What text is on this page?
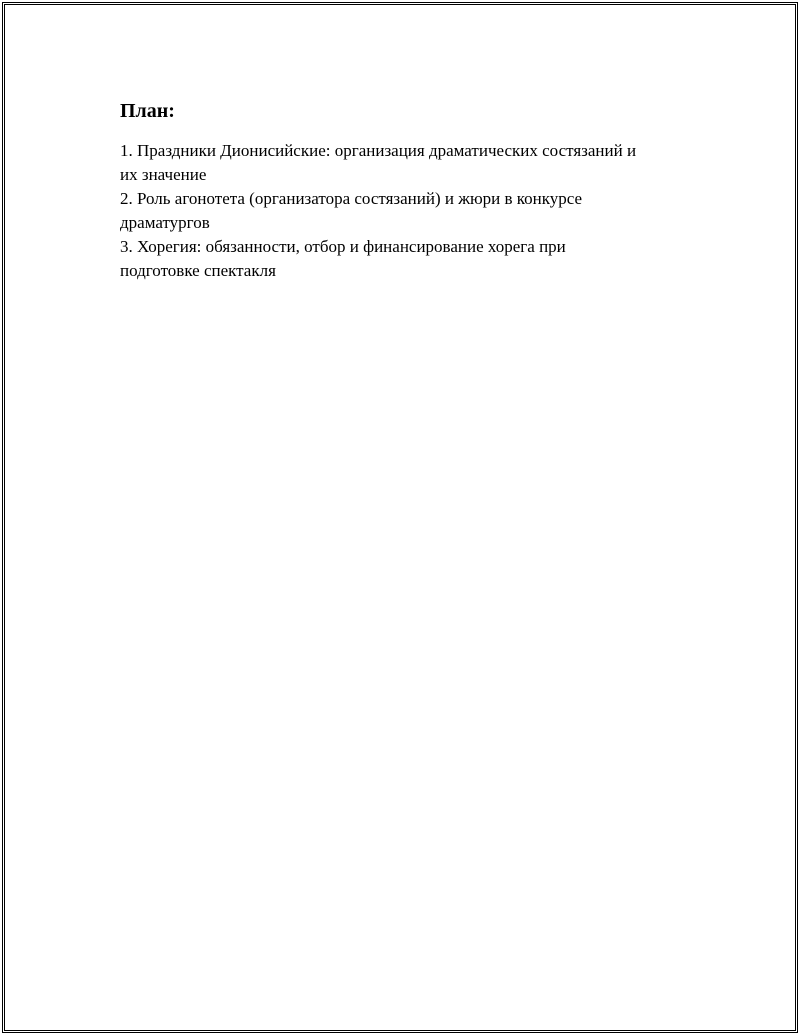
План:
1. Праздники Дионисийские: организация драматических состязаний и
их значение
2. Роль агонотета (организатора состязаний) и жюри в конкурсе
драматургов
3. Хорегия: обязанности, отбор и финансирование хорега при
подготовке спектакля
